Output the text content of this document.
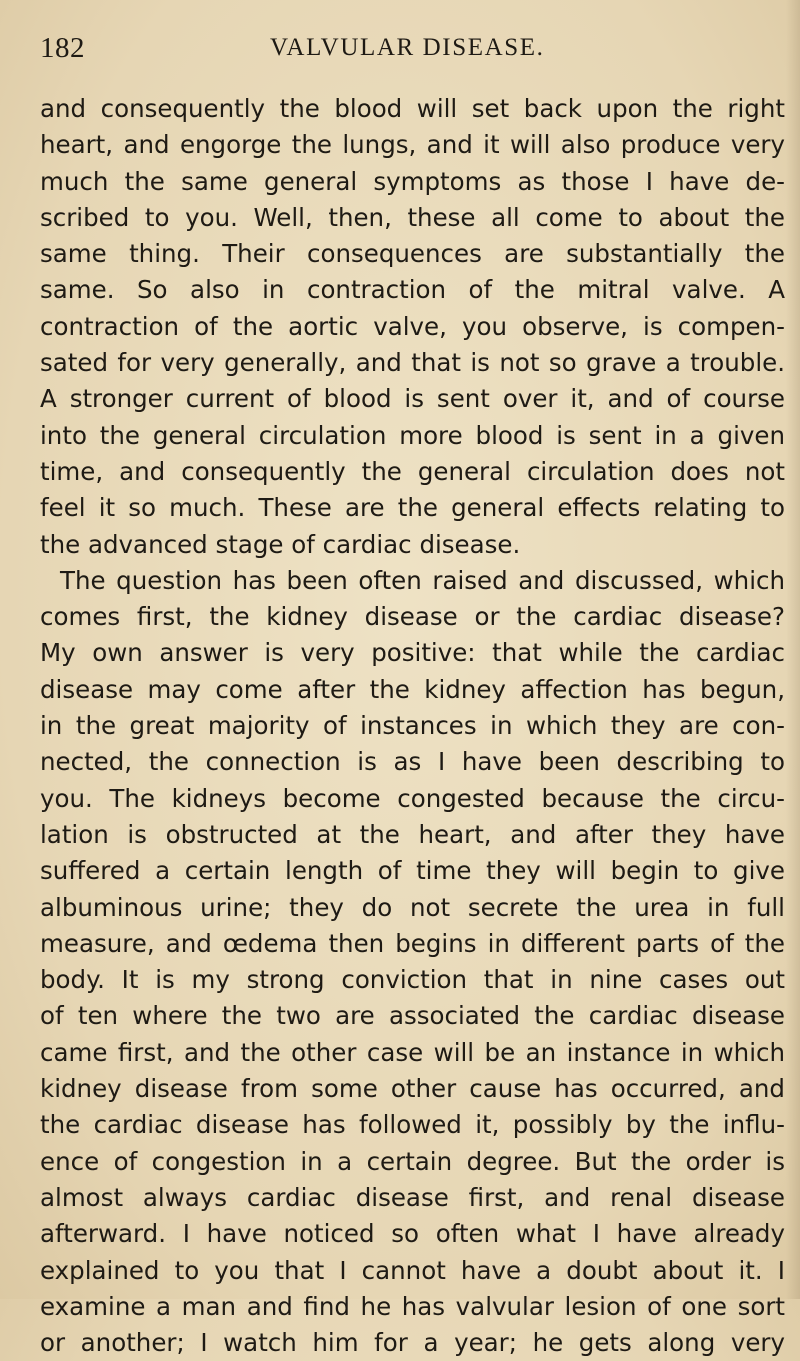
182	VALVULAR DISEASE.
and consequently the blood will set back upon the right
heart, and engorge the lungs, and it will also produce very
much the same general symptoms as those I have de-
scribed to you. Well, then, these all come to about the
same thing. Their consequences are substantially the
same. So also in contraction of the mitral valve. A
contraction of the aortic valve, you observe, is compen-
sated for very generally, and that is not so grave a trouble.
A stronger current of blood is sent over it, and of course
into the general circulation more blood is sent in a given
time, and consequently the general circulation does not
feel it so much. These are the general effects relating to
the advanced stage of cardiac disease.
The question has been often raised and discussed, which
comes first, the kidney disease or the cardiac disease?
My own answer is very positive: that while the cardiac
disease may come after the kidney affection has begun,
in the great majority of instances in which they are con-
nected, the connection is as I have been describing to
you. The kidneys become congested because the circu-
lation is obstructed at the heart, and after they have
suffered a certain length of time they will begin to give
albuminous urine; they do not secrete the urea in full
measure, and œdema then begins in different parts of the
body. It is my strong conviction that in nine cases out
of ten where the two are associated the cardiac disease
came first, and the other case will be an instance in which
kidney disease from some other cause has occurred, and
the cardiac disease has followed it, possibly by the influ-
ence of congestion in a certain degree. But the order is
almost always cardiac disease first, and renal disease
afterward. I have noticed so often what I have already
explained to you that I cannot have a doubt about it. I
examine a man and find he has valvular lesion of one sort
or another; I watch him for a year; he gets along very
